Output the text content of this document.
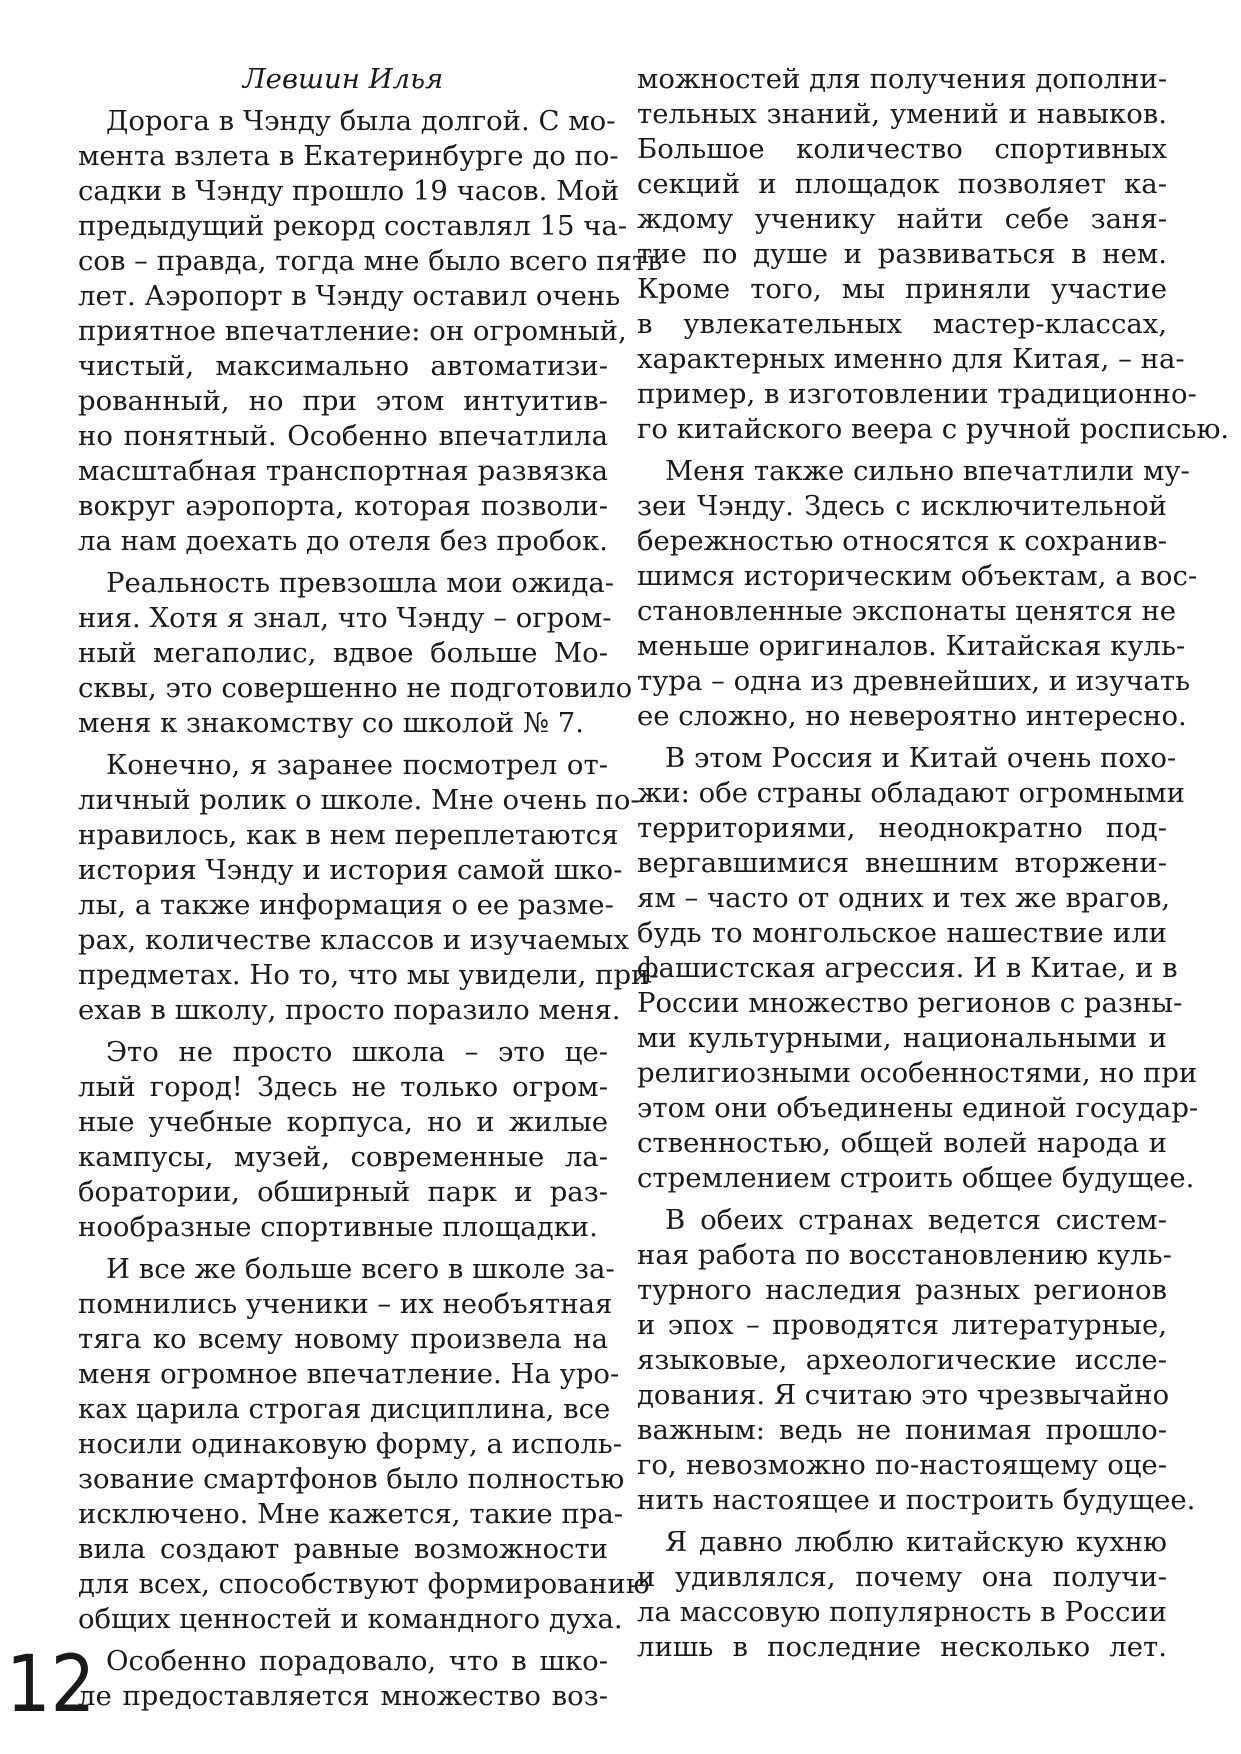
Левшин Илья
Дорога в Чэнду была долгой. С мо-
мента взлета в Екатеринбурге до по-
садки в Чэнду прошло 19 часов. Мой
предыдущий рекорд составлял 15 ча-
сов – правда, тогда мне было всего пять
лет. Аэропорт в Чэнду оставил очень
приятное впечатление: он огромный,
чистый, максимально автоматизи-
рованный, но при этом интуитив-
но понятный. Особенно впечатлила
масштабная транспортная развязка
вокруг аэропорта, которая позволи-
ла нам доехать до отеля без пробок.
Реальность превзошла мои ожида-
ния. Хотя я знал, что Чэнду – огром-
ный мегаполис, вдвое больше Мо-
сквы, это совершенно не подготовило
меня к знакомству со школой № 7.
Конечно, я заранее посмотрел от-
личный ролик о школе. Мне очень по-
нравилось, как в нем переплетаются
история Чэнду и история самой шко-
лы, а также информация о ее разме-
рах, количестве классов и изучаемых
предметах. Но то, что мы увидели, при-
ехав в школу, просто поразило меня.
Это не просто школа – это це-
лый город! Здесь не только огром-
ные учебные корпуса, но и жилые
кампусы, музей, современные ла-
боратории, обширный парк и раз-
нообразные спортивные площадки.
И все же больше всего в школе за-
помнились ученики – их необъятная
тяга ко всему новому произвела на
меня огромное впечатление. На уро-
ках царила строгая дисциплина, все
носили одинаковую форму, а исполь-
зование смартфонов было полностью
исключено. Мне кажется, такие пра-
вила создают равные возможности
для всех, способствуют формированию
общих ценностей и командного духа.
Особенно порадовало, что в шко-
ле предоставляется множество воз-
можностей для получения дополни-
тельных знаний, умений и навыков.
Большое количество спортивных
секций и площадок позволяет ка-
ждому ученику найти себе заня-
тие по душе и развиваться в нем.
Кроме того, мы приняли участие
в увлекательных мастер-классах,
характерных именно для Китая, – на-
пример, в изготовлении традиционно-
го китайского веера с ручной росписью.
Меня также сильно впечатлили му-
зеи Чэнду. Здесь с исключительной
бережностью относятся к сохранив-
шимся историческим объектам, а вос-
становленные экспонаты ценятся не
меньше оригиналов. Китайская куль-
тура – одна из древнейших, и изучать
ее сложно, но невероятно интересно.
В этом Россия и Китай очень похо-
жи: обе страны обладают огромными
территориями, неоднократно под-
вергавшимися внешним вторжени-
ям – часто от одних и тех же врагов,
будь то монгольское нашествие или
фашистская агрессия. И в Китае, и в
России множество регионов с разны-
ми культурными, национальными и
религиозными особенностями, но при
этом они объединены единой государ-
ственностью, общей волей народа и
стремлением строить общее будущее.
В обеих странах ведется систем-
ная работа по восстановлению куль-
турного наследия разных регионов
и эпох – проводятся литературные,
языковые, археологические иссле-
дования. Я считаю это чрезвычайно
важным: ведь не понимая прошло-
го, невозможно по-настоящему оце-
нить настоящее и построить будущее.
Я давно люблю китайскую кухню
и удивлялся, почему она получи-
ла массовую популярность в России
лишь в последние несколько лет.
12
